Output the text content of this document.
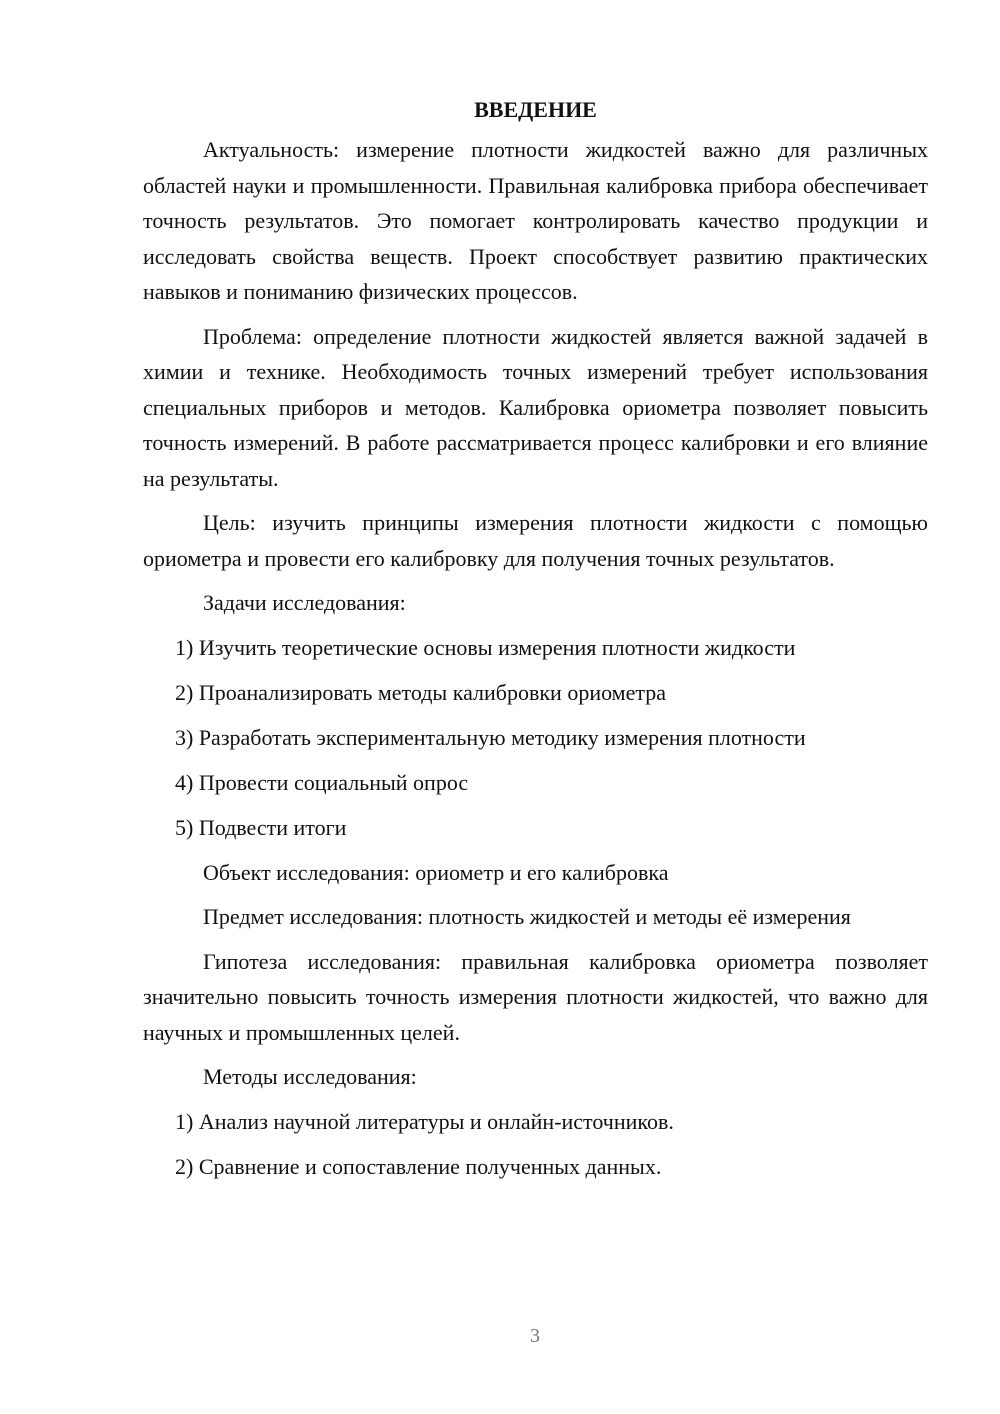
ВВЕДЕНИЕ

Актуальность: измерение плотности жидкостей важно для различных областей науки и промышленности. Правильная калибровка прибора обеспечивает точность результатов. Это помогает контролировать качество продукции и исследовать свойства веществ. Проект способствует развитию практических навыков и пониманию физических процессов.

Проблема: определение плотности жидкостей является важной задачей в химии и технике. Необходимость точных измерений требует использования специальных приборов и методов. Калибровка ориометра позволяет повысить точность измерений. В работе рассматривается процесс калибровки и его влияние на результаты.

Цель: изучить принципы измерения плотности жидкости с помощью ориометра и провести его калибровку для получения точных результатов.

Задачи исследования:

1) Изучить теоретические основы измерения плотности жидкости

2) Проанализировать методы калибровки ориометра

3) Разработать экспериментальную методику измерения плотности

4) Провести социальный опрос

5) Подвести итоги

Объект исследования: ориометр и его калибровка

Предмет исследования: плотность жидкостей и методы её измерения

Гипотеза исследования: правильная калибровка ориометра позволяет значительно повысить точность измерения плотности жидкостей, что важно для научных и промышленных целей.

Методы исследования:

1) Анализ научной литературы и онлайн-источников.

2) Сравнение и сопоставление полученных данных.

3
